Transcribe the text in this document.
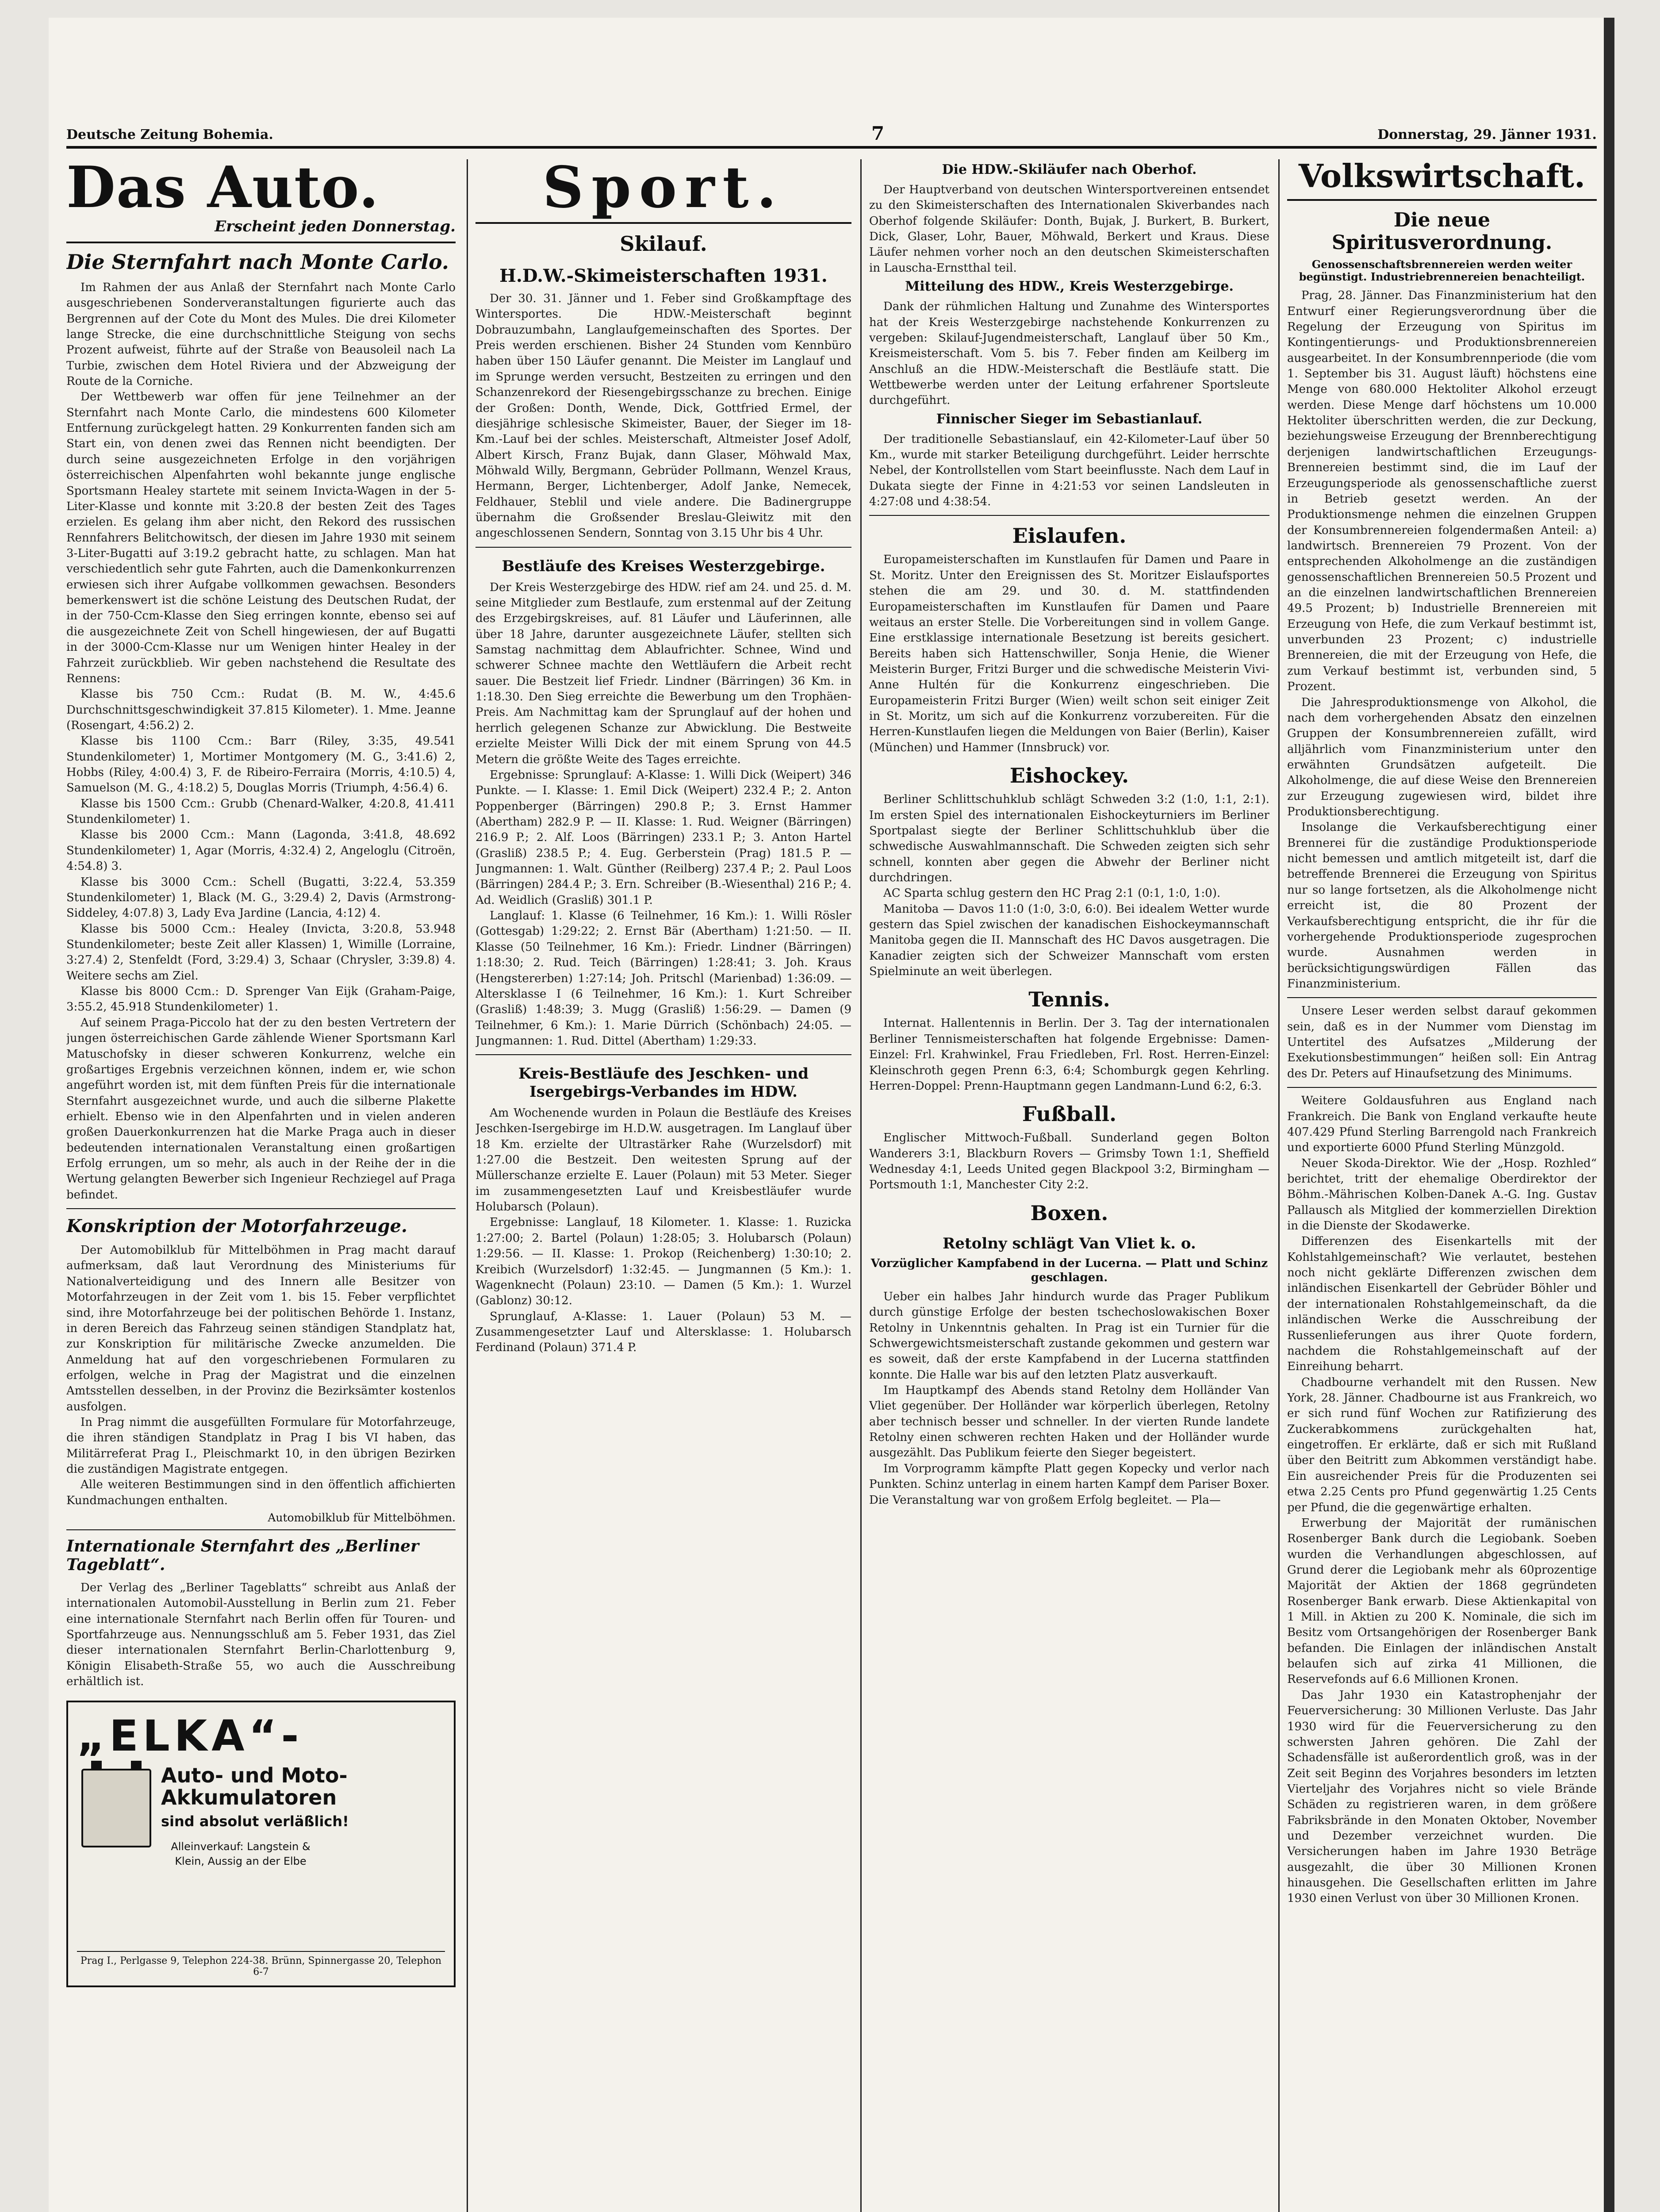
Deutsche Zeitung Bohemia.	7	Donnerstag, 29. Jänner 1931.
Das Auto.
Erscheint jeden Donnerstag.
Die Sternfahrt nach Monte Carlo.

Im Rahmen der aus Anlaß der Sternfahrt nach Monte Carlo ausgeschriebenen Sonderveranstaltungen figurierte auch das Bergrennen auf der Cote du Mont des Mules. Die drei Kilometer lange Strecke, die eine durchschnittliche Steigung von sechs Prozent aufweist, führte auf der Straße von Beausoleil nach La Turbie, zwischen dem Hotel Riviera und der Abzweigung der Route de la Corniche.

Der Wettbewerb war offen für jene Teilnehmer an der Sternfahrt nach Monte Carlo, die mindestens 600 Kilometer Entfernung zurückgelegt hatten. 29 Konkurrenten fanden sich am Start ein, von denen zwei das Rennen nicht beendigten. Der durch seine ausgezeichneten Erfolge in den vorjährigen österreichischen Alpenfahrten wohl bekannte junge englische Sportsmann Healey startete mit seinem Invicta-Wagen in der 5-Liter-Klasse und konnte mit 3:20.8 der besten Zeit des Tages erzielen. Es gelang ihm aber nicht, den Rekord des russischen Rennfahrers Belitchowitsch, der diesen im Jahre 1930 mit seinem 3-Liter-Bugatti auf 3:19.2 gebracht hatte, zu schlagen. Man hat verschiedentlich sehr gute Fahrten, auch die Damenkonkurrenzen erwiesen sich ihrer Aufgabe vollkommen gewachsen. Besonders bemerkenswert ist die schöne Leistung des Deutschen Rudat, der in der 750-Ccm-Klasse den Sieg erringen konnte, ebenso sei auf die ausgezeichnete Zeit von Schell hingewiesen, der auf Bugatti in der 3000-Ccm-Klasse nur um Wenigen hinter Healey in der Fahrzeit zurückblieb. Wir geben nachstehend die Resultate des Rennens:

Klasse bis 750 Ccm.: Rudat (B. M. W., 4:45.6 Durchschnittsgeschwindigkeit 37.815 Kilometer). 1. Mme. Jeanne (Rosengart, 4:56.2) 2.

Klasse bis 1100 Ccm.: Barr (Riley, 3:35, 49.541 Stundenkilometer) 1, Mortimer Montgomery (M. G., 3:41.6) 2, Hobbs (Riley, 4:00.4) 3, F. de Ribeiro-Ferraira (Morris, 4:10.5) 4, Samuelson (M. G., 4:18.2) 5, Douglas Morris (Triumph, 4:56.4) 6.

Klasse bis 1500 Ccm.: Grubb (Chenard-Walker, 4:20.8, 41.411 Stundenkilometer) 1.

Klasse bis 2000 Ccm.: Mann (Lagonda, 3:41.8, 48.692 Stundenkilometer) 1, Agar (Morris, 4:32.4) 2, Angeloglu (Citroën, 4:54.8) 3.

Klasse bis 3000 Ccm.: Schell (Bugatti, 3:22.4, 53.359 Stundenkilometer) 1, Black (M. G., 3:29.4) 2, Davis (Armstrong-Siddeley, 4:07.8) 3, Lady Eva Jardine (Lancia, 4:12) 4.

Klasse bis 5000 Ccm.: Healey (Invicta, 3:20.8, 53.948 Stundenkilometer; beste Zeit aller Klassen) 1, Wimille (Lorraine, 3:27.4) 2, Stenfeldt (Ford, 3:29.4) 3, Schaar (Chrysler, 3:39.8) 4. Weitere sechs am Ziel.

Klasse bis 8000 Ccm.: D. Sprenger Van Eijk (Graham-Paige, 3:55.2, 45.918 Stundenkilometer) 1.

Auf seinem Praga-Piccolo hat der zu den besten Vertretern der jungen österreichischen Garde zählende Wiener Sportsmann Karl Matuschofsky in dieser schweren Konkurrenz, welche ein großartiges Ergebnis verzeichnen können, indem er, wie schon angeführt worden ist, mit dem fünften Preis für die internationale Sternfahrt ausgezeichnet wurde, und auch die silberne Plakette erhielt. Ebenso wie in den Alpenfahrten und in vielen anderen großen Dauerkonkurrenzen hat die Marke Praga auch in dieser bedeutenden internationalen Veranstaltung einen großartigen Erfolg errungen, um so mehr, als auch in der Reihe der in die Wertung gelangten Bewerber sich Ingenieur Rechziegel auf Praga befindet.

Konskription der Motorfahrzeuge.

Der Automobilklub für Mittelböhmen in Prag macht darauf aufmerksam, daß laut Verordnung des Ministeriums für Nationalverteidigung und des Innern alle Besitzer von Motorfahrzeugen in der Zeit vom 1. bis 15. Feber verpflichtet sind, ihre Motorfahrzeuge bei der politischen Behörde 1. Instanz, in deren Bereich das Fahrzeug seinen ständigen Standplatz hat, zur Konskription für militärische Zwecke anzumelden. Die Anmeldung hat auf den vorgeschriebenen Formularen zu erfolgen, welche in Prag der Magistrat und die einzelnen Amtsstellen desselben, in der Provinz die Bezirksämter kostenlos ausfolgen.

In Prag nimmt die ausgefüllten Formulare für Motorfahrzeuge, die ihren ständigen Standplatz in Prag I bis VI haben, das Militärreferat Prag I., Pleischmarkt 10, in den übrigen Bezirken die zuständigen Magistrate entgegen.

Alle weiteren Bestimmungen sind in den öffentlich affichierten Kundmachungen enthalten.

Automobilklub für Mittelböhmen.
Internationale Sternfahrt des „Berliner Tageblatt“.

Der Verlag des „Berliner Tageblatts“ schreibt aus Anlaß der internationalen Automobil-Ausstellung in Berlin zum 21. Feber eine internationale Sternfahrt nach Berlin offen für Touren- und Sportfahrzeuge aus. Nennungsschluß am 5. Feber 1931, das Ziel dieser internationalen Sternfahrt Berlin-Charlottenburg 9, Königin Elisabeth-Straße 55, wo auch die Ausschreibung erhältlich ist.

„ELKA“-
Auto- und Moto-Akkumulatoren
sind absolut verläßlich!
Alleinverkauf: Langstein & Klein, Aussig an der Elbe
Prag I., Perlgasse 9, Telephon 224-38. Brünn, Spinnergasse 20, Telephon 6-7
Sport.
Skilauf.
H.D.W.-Skimeisterschaften 1931.

Der 30. 31. Jänner und 1. Feber sind Großkampftage des Wintersportes. Die HDW.-Meisterschaft beginnt Dobrauzumbahn, Langlaufgemeinschaften des Sportes. Der Preis werden erschienen. Bisher 24 Stunden vom Kennbüro haben über 150 Läufer genannt. Die Meister im Langlauf und im Sprunge werden versucht, Bestzeiten zu erringen und den Schanzenrekord der Riesengebirgsschanze zu brechen. Einige der Großen: Donth, Wende, Dick, Gottfried Ermel, der diesjährige schlesische Skimeister, Bauer, der Sieger im 18-Km.-Lauf bei der schles. Meisterschaft, Altmeister Josef Adolf, Albert Kirsch, Franz Bujak, dann Glaser, Möhwald Max, Möhwald Willy, Bergmann, Gebrüder Pollmann, Wenzel Kraus, Hermann, Berger, Lichtenberger, Adolf Janke, Nemecek, Feldhauer, Steblil und viele andere. Die Badinergruppe übernahm die Großsender Breslau-Gleiwitz mit den angeschlossenen Sendern, Sonntag von 3.15 Uhr bis 4 Uhr.

Bestläufe des Kreises Westerzgebirge.

Der Kreis Westerzgebirge des HDW. rief am 24. und 25. d. M. seine Mitglieder zum Bestlaufe, zum erstenmal auf der Zeitung des Erzgebirgskreises, auf. 81 Läufer und Läuferinnen, alle über 18 Jahre, darunter ausgezeichnete Läufer, stellten sich Samstag nachmittag dem Ablaufrichter. Schnee, Wind und schwerer Schnee machte den Wettläufern die Arbeit recht sauer. Die Bestzeit lief Friedr. Lindner (Bärringen) 36 Km. in 1:18.30. Den Sieg erreichte die Bewerbung um den Trophäen-Preis. Am Nachmittag kam der Sprunglauf auf der hohen und herrlich gelegenen Schanze zur Abwicklung. Die Bestweite erzielte Meister Willi Dick der mit einem Sprung von 44.5 Metern die größte Weite des Tages erreichte.

Ergebnisse: Sprunglauf: A-Klasse: 1. Willi Dick (Weipert) 346 Punkte. — I. Klasse: 1. Emil Dick (Weipert) 232.4 P.; 2. Anton Poppenberger (Bärringen) 290.8 P.; 3. Ernst Hammer (Abertham) 282.9 P. — II. Klasse: 1. Rud. Weigner (Bärringen) 216.9 P.; 2. Alf. Loos (Bärringen) 233.1 P.; 3. Anton Hartel (Grasliß) 238.5 P.; 4. Eug. Gerberstein (Prag) 181.5 P. — Jungmannen: 1. Walt. Günther (Reilberg) 237.4 P.; 2. Paul Loos (Bärringen) 284.4 P.; 3. Ern. Schreiber (B.-Wiesenthal) 216 P.; 4. Ad. Weidlich (Grasliß) 301.1 P.

Langlauf: 1. Klasse (6 Teilnehmer, 16 Km.): 1. Willi Rösler (Gottesgab) 1:29:22; 2. Ernst Bär (Abertham) 1:21:50. — II. Klasse (50 Teilnehmer, 16 Km.): Friedr. Lindner (Bärringen) 1:18:30; 2. Rud. Teich (Bärringen) 1:28:41; 3. Joh. Kraus (Hengstererben) 1:27:14; Joh. Pritschl (Marienbad) 1:36:09. — Altersklasse I (6 Teilnehmer, 16 Km.): 1. Kurt Schreiber (Grasliß) 1:48:39; 3. Mugg (Grasliß) 1:56:29. — Damen (9 Teilnehmer, 6 Km.): 1. Marie Dürrich (Schönbach) 24:05. — Jungmannen: 1. Rud. Dittel (Abertham) 1:29:33.

Kreis-Bestläufe des Jeschken- und Isergebirgs-Verbandes im HDW.

Am Wochenende wurden in Polaun die Bestläufe des Kreises Jeschken-Isergebirge im H.D.W. ausgetragen. Im Langlauf über 18 Km. erzielte der Ultrastärker Rahe (Wurzelsdorf) mit 1:27.00 die Bestzeit. Den weitesten Sprung auf der Müllerschanze erzielte E. Lauer (Polaun) mit 53 Meter. Sieger im zusammengesetzten Lauf und Kreisbestläufer wurde Holubarsch (Polaun).

Ergebnisse: Langlauf, 18 Kilometer. 1. Klasse: 1. Ruzicka 1:27:00; 2. Bartel (Polaun) 1:28:05; 3. Holubarsch (Polaun) 1:29:56. — II. Klasse: 1. Prokop (Reichenberg) 1:30:10; 2. Kreibich (Wurzelsdorf) 1:32:45. — Jungmannen (5 Km.): 1. Wagenknecht (Polaun) 23:10. — Damen (5 Km.): 1. Wurzel (Gablonz) 30:12.

Sprunglauf, A-Klasse: 1. Lauer (Polaun) 53 M. — Zusammengesetzter Lauf und Altersklasse: 1. Holubarsch Ferdinand (Polaun) 371.4 P.

Die HDW.-Skiläufer nach Oberhof.

Der Hauptverband von deutschen Wintersportvereinen entsendet zu den Skimeisterschaften des Internationalen Skiverbandes nach Oberhof folgende Skiläufer: Donth, Bujak, J. Burkert, B. Burkert, Dick, Glaser, Lohr, Bauer, Möhwald, Berkert und Kraus. Diese Läufer nehmen vorher noch an den deutschen Skimeisterschaften in Lauscha-Ernstthal teil.

Mitteilung des HDW., Kreis Westerzgebirge.

Dank der rühmlichen Haltung und Zunahme des Wintersportes hat der Kreis Westerzgebirge nachstehende Konkurrenzen zu vergeben: Skilauf-Jugendmeisterschaft, Langlauf über 50 Km., Kreismeisterschaft. Vom 5. bis 7. Feber finden am Keilberg im Anschluß an die HDW.-Meisterschaft die Bestläufe statt. Die Wettbewerbe werden unter der Leitung erfahrener Sportsleute durchgeführt.

Finnischer Sieger im Sebastianlauf.

Der traditionelle Sebastianslauf, ein 42-Kilometer-Lauf über 50 Km., wurde mit starker Beteiligung durchgeführt. Leider herrschte Nebel, der Kontrollstellen vom Start beeinflusste. Nach dem Lauf in Dukata siegte der Finne in 4:21:53 vor seinen Landsleuten in 4:27:08 und 4:38:54.

Eislaufen.

Europameisterschaften im Kunstlaufen für Damen und Paare in St. Moritz. Unter den Ereignissen des St. Moritzer Eislaufsportes stehen die am 29. und 30. d. M. stattfindenden Europameisterschaften im Kunstlaufen für Damen und Paare weitaus an erster Stelle. Die Vorbereitungen sind in vollem Gange. Eine erstklassige internationale Besetzung ist bereits gesichert. Bereits haben sich Hattenschwiller, Sonja Henie, die Wiener Meisterin Burger, Fritzi Burger und die schwedische Meisterin Vivi-Anne Hultén für die Konkurrenz eingeschrieben. Die Europameisterin Fritzi Burger (Wien) weilt schon seit einiger Zeit in St. Moritz, um sich auf die Konkurrenz vorzubereiten. Für die Herren-Kunstlaufen liegen die Meldungen von Baier (Berlin), Kaiser (München) und Hammer (Innsbruck) vor.

Eishockey.

Berliner Schlittschuhklub schlägt Schweden 3:2 (1:0, 1:1, 2:1). Im ersten Spiel des internationalen Eishockeyturniers im Berliner Sportpalast siegte der Berliner Schlittschuhklub über die schwedische Auswahlmannschaft. Die Schweden zeigten sich sehr schnell, konnten aber gegen die Abwehr der Berliner nicht durchdringen.

AC Sparta schlug gestern den HC Prag 2:1 (0:1, 1:0, 1:0).

Manitoba — Davos 11:0 (1:0, 3:0, 6:0). Bei idealem Wetter wurde gestern das Spiel zwischen der kanadischen Eishockeymannschaft Manitoba gegen die II. Mannschaft des HC Davos ausgetragen. Die Kanadier zeigten sich der Schweizer Mannschaft vom ersten Spielminute an weit überlegen.

Tennis.

Internat. Hallentennis in Berlin. Der 3. Tag der internationalen Berliner Tennismeisterschaften hat folgende Ergebnisse: Damen-Einzel: Frl. Krahwinkel, Frau Friedleben, Frl. Rost. Herren-Einzel: Kleinschroth gegen Prenn 6:3, 6:4; Schomburgk gegen Kehrling. Herren-Doppel: Prenn-Hauptmann gegen Landmann-Lund 6:2, 6:3.

Fußball.

Englischer Mittwoch-Fußball. Sunderland gegen Bolton Wanderers 3:1, Blackburn Rovers — Grimsby Town 1:1, Sheffield Wednesday 4:1, Leeds United gegen Blackpool 3:2, Birmingham — Portsmouth 1:1, Manchester City 2:2.

Boxen.
Retolny schlägt Van Vliet k. o.
Vorzüglicher Kampfabend in der Lucerna. — Platt und Schinz geschlagen.

Ueber ein halbes Jahr hindurch wurde das Prager Publikum durch günstige Erfolge der besten tschechoslowakischen Boxer Retolny in Unkenntnis gehalten. In Prag ist ein Turnier für die Schwergewichtsmeisterschaft zustande gekommen und gestern war es soweit, daß der erste Kampfabend in der Lucerna stattfinden konnte. Die Halle war bis auf den letzten Platz ausverkauft.

Im Hauptkampf des Abends stand Retolny dem Holländer Van Vliet gegenüber. Der Holländer war körperlich überlegen, Retolny aber technisch besser und schneller. In der vierten Runde landete Retolny einen schweren rechten Haken und der Holländer wurde ausgezählt. Das Publikum feierte den Sieger begeistert.

Im Vorprogramm kämpfte Platt gegen Kopecky und verlor nach Punkten. Schinz unterlag in einem harten Kampf dem Pariser Boxer. Die Veranstaltung war von großem Erfolg begleitet. — Pla—

Volkswirtschaft.
Die neue Spiritusverordnung.
Genossenschaftsbrennereien werden weiter begünstigt. Industriebrennereien benachteiligt.

Prag, 28. Jänner. Das Finanzministerium hat den Entwurf einer Regierungsverordnung über die Regelung der Erzeugung von Spiritus im Kontingentierungs- und Produktionsbrennereien ausgearbeitet. In der Konsumbrennperiode (die vom 1. September bis 31. August läuft) höchstens eine Menge von 680.000 Hektoliter Alkohol erzeugt werden. Diese Menge darf höchstens um 10.000 Hektoliter überschritten werden, die zur Deckung, beziehungsweise Erzeugung der Brennberechtigung derjenigen landwirtschaftlichen Erzeugungs-Brennereien bestimmt sind, die im Lauf der Erzeugungsperiode als genossenschaftliche zuerst in Betrieb gesetzt werden. An der Produktionsmenge nehmen die einzelnen Gruppen der Konsumbrennereien folgendermaßen Anteil: a) landwirtsch. Brennereien 79 Prozent. Von der entsprechenden Alkoholmenge an die zuständigen genossenschaftlichen Brennereien 50.5 Prozent und an die einzelnen landwirtschaftlichen Brennereien 49.5 Prozent; b) Industrielle Brennereien mit Erzeugung von Hefe, die zum Verkauf bestimmt ist, unverbunden 23 Prozent; c) industrielle Brennereien, die mit der Erzeugung von Hefe, die zum Verkauf bestimmt ist, verbunden sind, 5 Prozent.

Die Jahresproduktionsmenge von Alkohol, die nach dem vorhergehenden Absatz den einzelnen Gruppen der Konsumbrennereien zufällt, wird alljährlich vom Finanzministerium unter den erwähnten Grundsätzen aufgeteilt. Die Alkoholmenge, die auf diese Weise den Brennereien zur Erzeugung zugewiesen wird, bildet ihre Produktionsberechtigung.

Insolange die Verkaufsberechtigung einer Brennerei für die zuständige Produktionsperiode nicht bemessen und amtlich mitgeteilt ist, darf die betreffende Brennerei die Erzeugung von Spiritus nur so lange fortsetzen, als die Alkoholmenge nicht erreicht ist, die 80 Prozent der Verkaufsberechtigung entspricht, die ihr für die vorhergehende Produktionsperiode zugesprochen wurde. Ausnahmen werden in berücksichtigungswürdigen Fällen das Finanzministerium.

Unsere Leser werden selbst darauf gekommen sein, daß es in der Nummer vom Dienstag im Untertitel des Aufsatzes „Milderung der Exekutionsbestimmungen“ heißen soll: Ein Antrag des Dr. Peters auf Hinaufsetzung des Minimums.

Weitere Goldausfuhren aus England nach Frankreich. Die Bank von England verkaufte heute 407.429 Pfund Sterling Barrengold nach Frankreich und exportierte 6000 Pfund Sterling Münzgold.

Neuer Skoda-Direktor. Wie der „Hosp. Rozhled“ berichtet, tritt der ehemalige Oberdirektor der Böhm.-Mährischen Kolben-Danek A.-G. Ing. Gustav Pallausch als Mitglied der kommerziellen Direktion in die Dienste der Skodawerke.

Differenzen des Eisenkartells mit der Kohlstahlgemeinschaft? Wie verlautet, bestehen noch nicht geklärte Differenzen zwischen dem inländischen Eisenkartell der Gebrüder Böhler und der internationalen Rohstahlgemeinschaft, da die inländischen Werke die Ausschreibung der Russenlieferungen aus ihrer Quote fordern, nachdem die Rohstahlgemeinschaft auf der Einreihung beharrt.

Chadbourne verhandelt mit den Russen. New York, 28. Jänner. Chadbourne ist aus Frankreich, wo er sich rund fünf Wochen zur Ratifizierung des Zuckerabkommens zurückgehalten hat, eingetroffen. Er erklärte, daß er sich mit Rußland über den Beitritt zum Abkommen verständigt habe. Ein ausreichender Preis für die Produzenten sei etwa 2.25 Cents pro Pfund gegenwärtig 1.25 Cents per Pfund, die die gegenwärtige erhalten.

Erwerbung der Majorität der rumänischen Rosenberger Bank durch die Legiobank. Soeben wurden die Verhandlungen abgeschlossen, auf Grund derer die Legiobank mehr als 60prozentige Majorität der Aktien der 1868 gegründeten Rosenberger Bank erwarb. Diese Aktienkapital von 1 Mill. in Aktien zu 200 K. Nominale, die sich im Besitz vom Ortsangehörigen der Rosenberger Bank befanden. Die Einlagen der inländischen Anstalt belaufen sich auf zirka 41 Millionen, die Reservefonds auf 6.6 Millionen Kronen.

Das Jahr 1930 ein Katastrophenjahr der Feuerversicherung: 30 Millionen Verluste. Das Jahr 1930 wird für die Feuerversicherung zu den schwersten Jahren gehören. Die Zahl der Schadensfälle ist außerordentlich groß, was in der Zeit seit Beginn des Vorjahres besonders im letzten Vierteljahr des Vorjahres nicht so viele Brände Schäden zu registrieren waren, in dem größere Fabriksbrände in den Monaten Oktober, November und Dezember verzeichnet wurden. Die Versicherungen haben im Jahre 1930 Beträge ausgezahlt, die über 30 Millionen Kronen hinausgehen. Die Gesellschaften erlitten im Jahre 1930 einen Verlust von über 30 Millionen Kronen.
